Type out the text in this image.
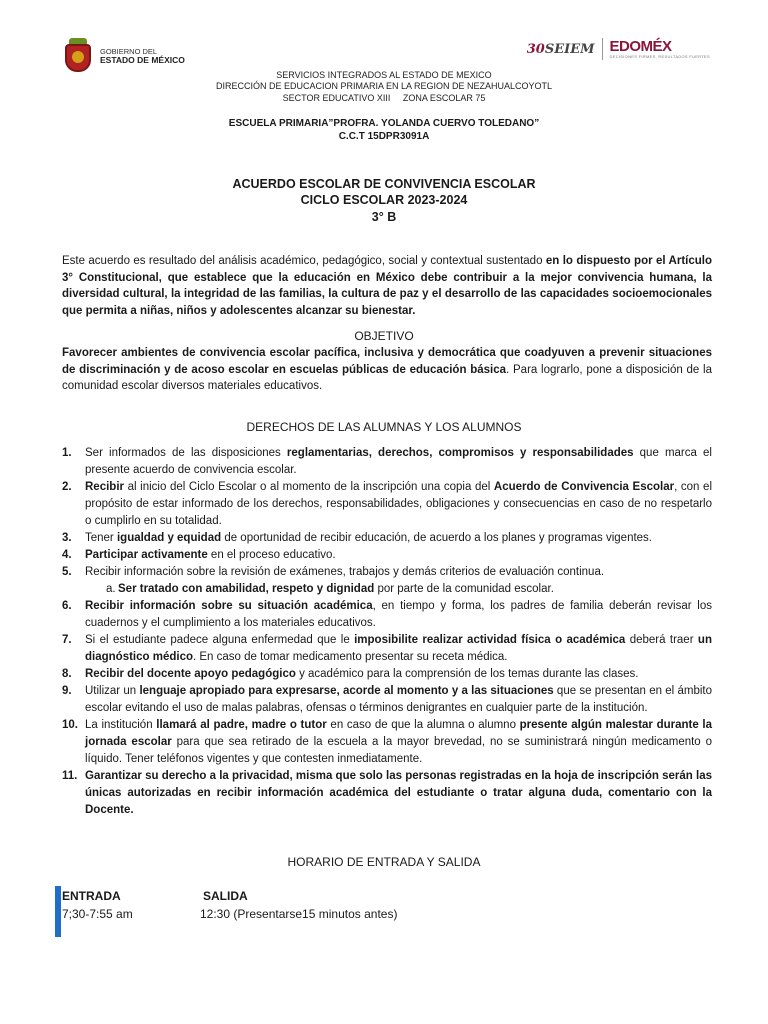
GOBIERNO DEL
ESTADO DE MÉXICO
30SEIEM EDOMÉX
DECISIONES FIRMES, RESULTADOS FUERTES
SERVICIOS INTEGRADOS AL ESTADO DE MEXICO
DIRECCIÓN DE EDUCACION PRIMARIA EN LA REGION DE NEZAHUALCOYOTL
SECTOR EDUCATIVO XIII     ZONA ESCOLAR 75
ESCUELA PRIMARIA”PROFRA. YOLANDA CUERVO TOLEDANO”
C.C.T 15DPR3091A
ACUERDO ESCOLAR DE CONVIVENCIA ESCOLAR
CICLO ESCOLAR 2023-2024
3° B
Este acuerdo es resultado del análisis académico, pedagógico, social y contextual sustentado en lo dispuesto por el Artículo 3° Constitucional, que establece que la educación en México debe contribuir a la mejor convivencia humana, la diversidad cultural, la integridad de las familias, la cultura de paz y el desarrollo de las capacidades socioemocionales que permita a niñas, niños y adolescentes alcanzar su bienestar.
OBJETIVO
Favorecer ambientes de convivencia escolar pacífica, inclusiva y democrática que coadyuven a prevenir situaciones de discriminación y de acoso escolar en escuelas públicas de educación básica. Para lograrlo, pone a disposición de la comunidad escolar diversos materiales educativos.
DERECHOS DE LAS ALUMNAS Y LOS ALUMNOS
1. Ser informados de las disposiciones reglamentarias, derechos, compromisos y responsabilidades que marca el presente acuerdo de convivencia escolar.
2. Recibir al inicio del Ciclo Escolar o al momento de la inscripción una copia del Acuerdo de Convivencia Escolar, con el propósito de estar informado de los derechos, responsabilidades, obligaciones y consecuencias en caso de no respetarlo o cumplirlo en su totalidad.
3. Tener igualdad y equidad de oportunidad de recibir educación, de acuerdo a los planes y programas vigentes.
4. Participar activamente en el proceso educativo.
5. Recibir información sobre la revisión de exámenes, trabajos y demás criterios de evaluación continua.
a. Ser tratado con amabilidad, respeto y dignidad por parte de la comunidad escolar.
6. Recibir información sobre su situación académica, en tiempo y forma, los padres de familia deberán revisar los cuadernos y el cumplimiento a los materiales educativos.
7. Si el estudiante padece alguna enfermedad que le imposibilite realizar actividad física o académica deberá traer un diagnóstico médico. En caso de tomar medicamento presentar su receta médica.
8. Recibir del docente apoyo pedagógico y académico para la comprensión de los temas durante las clases.
9. Utilizar un lenguaje apropiado para expresarse, acorde al momento y a las situaciones que se presentan en el ámbito escolar evitando el uso de malas palabras, ofensas o términos denigrantes en cualquier parte de la institución.
10. La institución llamará al padre, madre o tutor en caso de que la alumna o alumno presente algún malestar durante la jornada escolar para que sea retirado de la escuela a la mayor brevedad, no se suministrará ningún medicamento o líquido. Tener teléfonos vigentes y que contesten inmediatamente.
11. Garantizar su derecho a la privacidad, misma que solo las personas registradas en la hoja de inscripción serán las únicas autorizadas en recibir información académica del estudiante o tratar alguna duda, comentario con la Docente.
HORARIO DE ENTRADA Y SALIDA
ENTRADA	SALIDA
7;30-7:55 am	12:30 (Presentarse15 minutos antes)
